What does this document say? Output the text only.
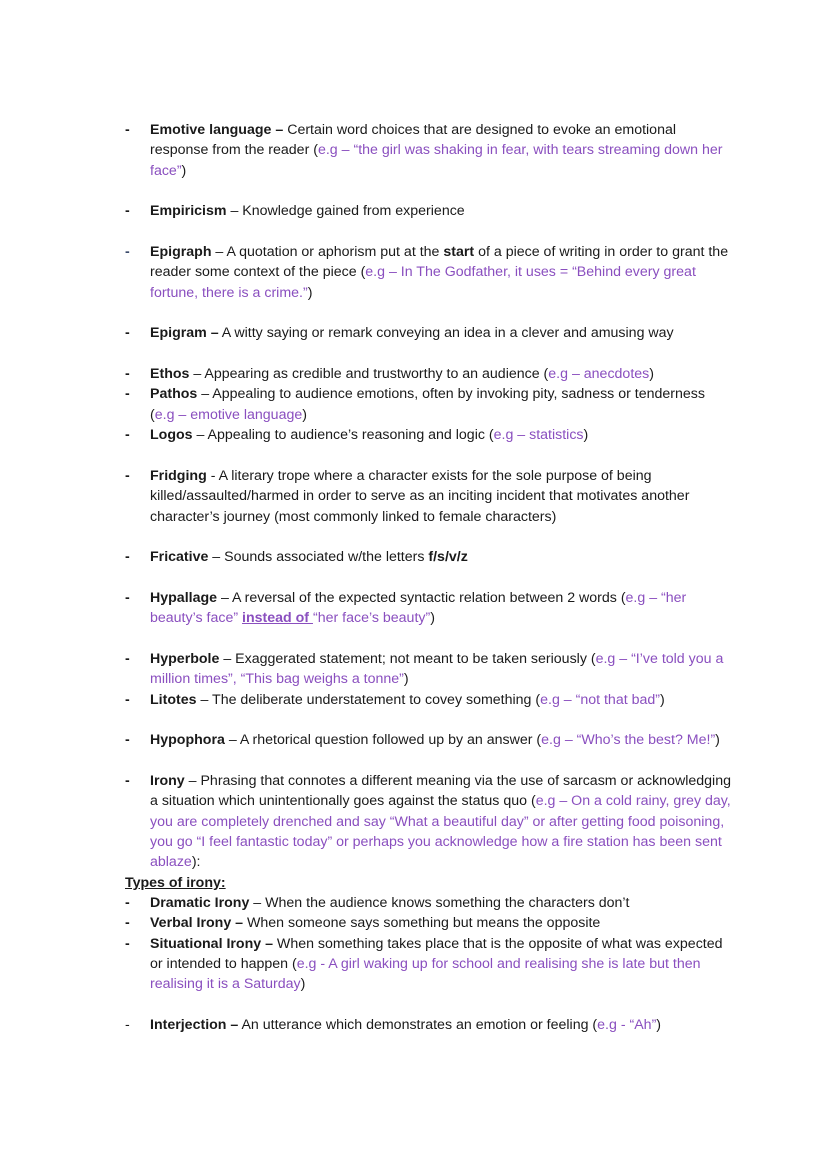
- Emotive language – Certain word choices that are designed to evoke an emotional response from the reader (e.g – “the girl was shaking in fear, with tears streaming down her face”)
- Empiricism – Knowledge gained from experience
- Epigraph – A quotation or aphorism put at the start of a piece of writing in order to grant the reader some context of the piece (e.g – In The Godfather, it uses = “Behind every great fortune, there is a crime.”)
- Epigram – A witty saying or remark conveying an idea in a clever and amusing way
- Ethos – Appearing as credible and trustworthy to an audience (e.g – anecdotes)
- Pathos – Appealing to audience emotions, often by invoking pity, sadness or tenderness (e.g – emotive language)
- Logos – Appealing to audience’s reasoning and logic (e.g – statistics)
- Fridging - A literary trope where a character exists for the sole purpose of being killed/assaulted/harmed in order to serve as an inciting incident that motivates another character’s journey (most commonly linked to female characters)
- Fricative – Sounds associated w/the letters f/s/v/z
- Hypallage – A reversal of the expected syntactic relation between 2 words (e.g – “her beauty’s face” instead of “her face’s beauty”)
- Hyperbole – Exaggerated statement; not meant to be taken seriously (e.g – “I’ve told you a million times”, “This bag weighs a tonne”)
- Litotes – The deliberate understatement to covey something (e.g – “not that bad”)
- Hypophora – A rhetorical question followed up by an answer (e.g – “Who’s the best? Me!”)
- Irony – Phrasing that connotes a different meaning via the use of sarcasm or acknowledging a situation which unintentionally goes against the status quo (e.g – On a cold rainy, grey day, you are completely drenched and say “What a beautiful day” or after getting food poisoning, you go “I feel fantastic today” or perhaps you acknowledge how a fire station has been sent ablaze):
Types of irony:
- Dramatic Irony – When the audience knows something the characters don’t
- Verbal Irony – When someone says something but means the opposite
- Situational Irony – When something takes place that is the opposite of what was expected or intended to happen (e.g - A girl waking up for school and realising she is late but then realising it is a Saturday)
- Interjection – An utterance which demonstrates an emotion or feeling (e.g - “Ah”)
